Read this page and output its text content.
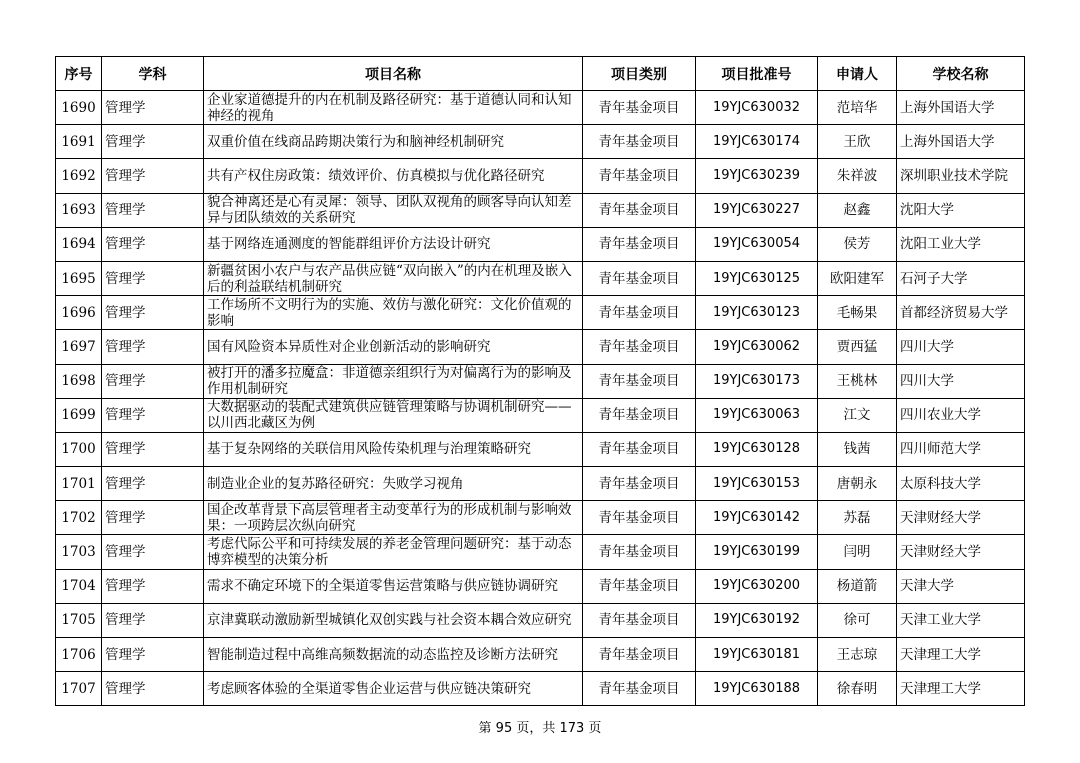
序号	学科	项目名称	项目类别	项目批准号	申请人	学校名称
1690	管理学	企业家道德提升的内在机制及路径研究：基于道德认同和认知神经的视角	青年基金项目	19YJC630032	范培华	上海外国语大学
1691	管理学	双重价值在线商品跨期决策行为和脑神经机制研究	青年基金项目	19YJC630174	王欣	上海外国语大学
1692	管理学	共有产权住房政策：绩效评价、仿真模拟与优化路径研究	青年基金项目	19YJC630239	朱祥波	深圳职业技术学院
1693	管理学	貌合神离还是心有灵犀：领导、团队双视角的顾客导向认知差异与团队绩效的关系研究	青年基金项目	19YJC630227	赵鑫	沈阳大学
1694	管理学	基于网络连通测度的智能群组评价方法设计研究	青年基金项目	19YJC630054	侯芳	沈阳工业大学
1695	管理学	新疆贫困小农户与农产品供应链“双向嵌入”的内在机理及嵌入后的利益联结机制研究	青年基金项目	19YJC630125	欧阳建军	石河子大学
1696	管理学	工作场所不文明行为的实施、效仿与激化研究：文化价值观的影响	青年基金项目	19YJC630123	毛畅果	首都经济贸易大学
1697	管理学	国有风险资本异质性对企业创新活动的影响研究	青年基金项目	19YJC630062	贾西猛	四川大学
1698	管理学	被打开的潘多拉魔盒：非道德亲组织行为对偏离行为的影响及作用机制研究	青年基金项目	19YJC630173	王桃林	四川大学
1699	管理学	大数据驱动的装配式建筑供应链管理策略与协调机制研究——以川西北藏区为例	青年基金项目	19YJC630063	江文	四川农业大学
1700	管理学	基于复杂网络的关联信用风险传染机理与治理策略研究	青年基金项目	19YJC630128	钱茜	四川师范大学
1701	管理学	制造业企业的复苏路径研究：失败学习视角	青年基金项目	19YJC630153	唐朝永	太原科技大学
1702	管理学	国企改革背景下高层管理者主动变革行为的形成机制与影响效果：一项跨层次纵向研究	青年基金项目	19YJC630142	苏磊	天津财经大学
1703	管理学	考虑代际公平和可持续发展的养老金管理问题研究：基于动态博弈模型的决策分析	青年基金项目	19YJC630199	闫明	天津财经大学
1704	管理学	需求不确定环境下的全渠道零售运营策略与供应链协调研究	青年基金项目	19YJC630200	杨道箭	天津大学
1705	管理学	京津冀联动激励新型城镇化双创实践与社会资本耦合效应研究	青年基金项目	19YJC630192	徐可	天津工业大学
1706	管理学	智能制造过程中高维高频数据流的动态监控及诊断方法研究	青年基金项目	19YJC630181	王志琼	天津理工大学
1707	管理学	考虑顾客体验的全渠道零售企业运营与供应链决策研究	青年基金项目	19YJC630188	徐春明	天津理工大学
第 95 页，共 173 页
